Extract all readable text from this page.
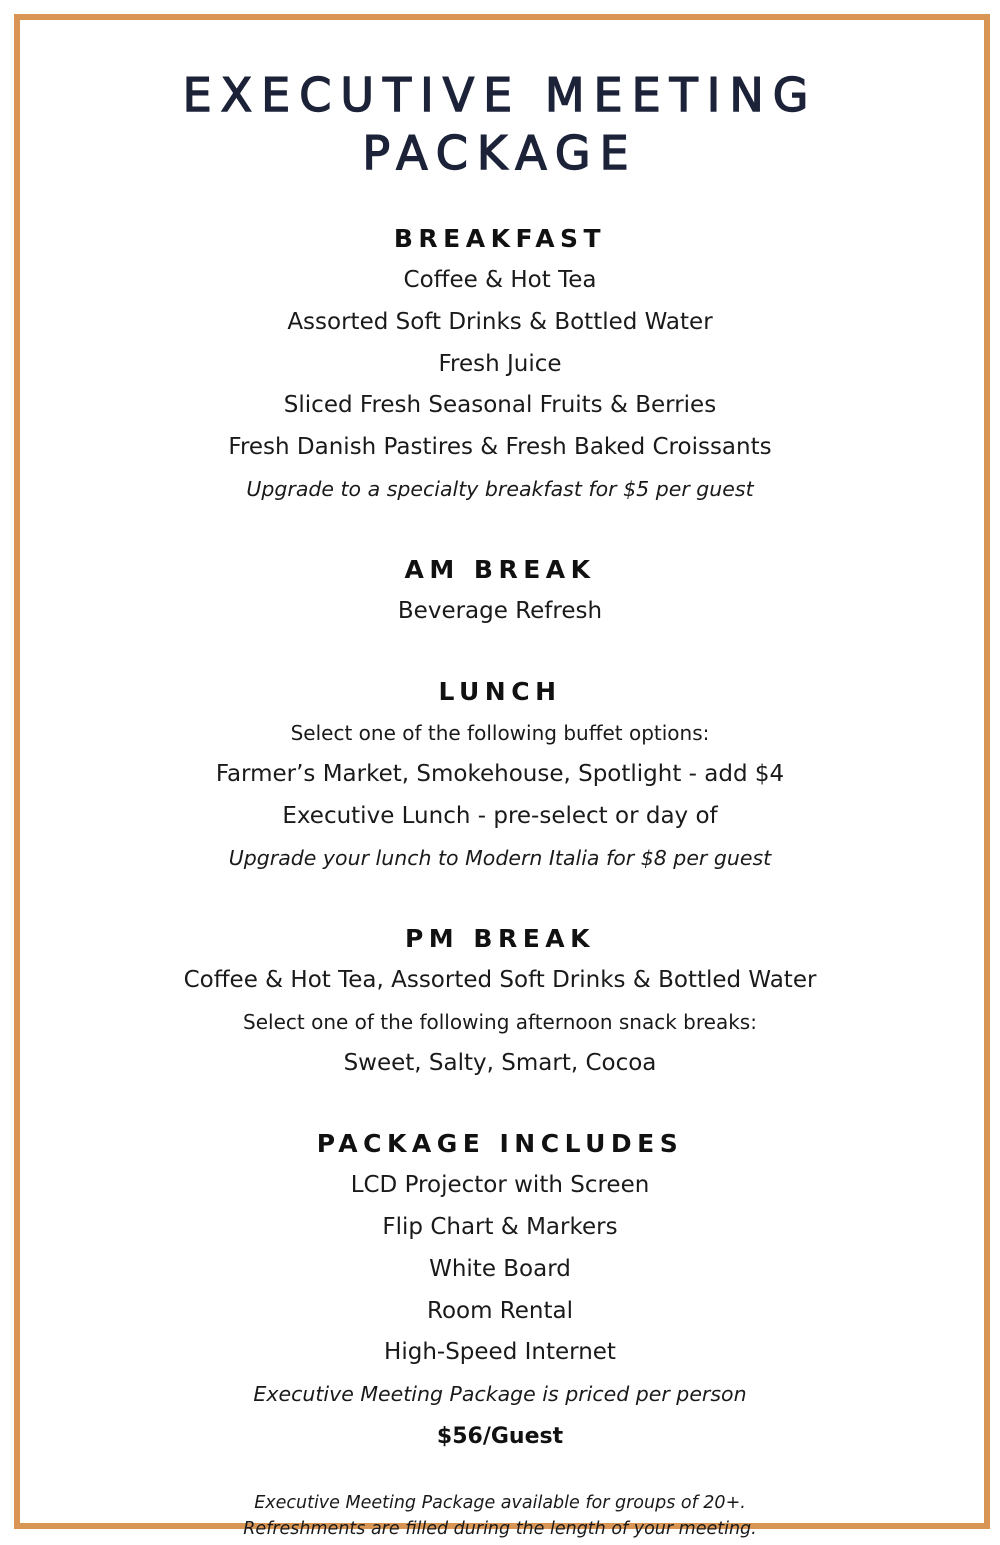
EXECUTIVE MEETING
PACKAGE
BREAKFAST
Coffee & Hot Tea
Assorted Soft Drinks & Bottled Water
Fresh Juice
Sliced Fresh Seasonal Fruits & Berries
Fresh Danish Pastires & Fresh Baked Croissants
Upgrade to a specialty breakfast for $5 per guest
AM BREAK
Beverage Refresh
LUNCH
Select one of the following buffet options:
Farmer’s Market, Smokehouse, Spotlight - add $4
Executive Lunch - pre-select or day of
Upgrade your lunch to Modern Italia for $8 per guest
PM BREAK
Coffee & Hot Tea, Assorted Soft Drinks & Bottled Water
Select one of the following afternoon snack breaks:
Sweet, Salty, Smart, Cocoa
PACKAGE INCLUDES
LCD Projector with Screen
Flip Chart & Markers
White Board
Room Rental
High-Speed Internet
Executive Meeting Package is priced per person
$56/Guest
Executive Meeting Package available for groups of 20+.
Refreshments are filled during the length of your meeting.
